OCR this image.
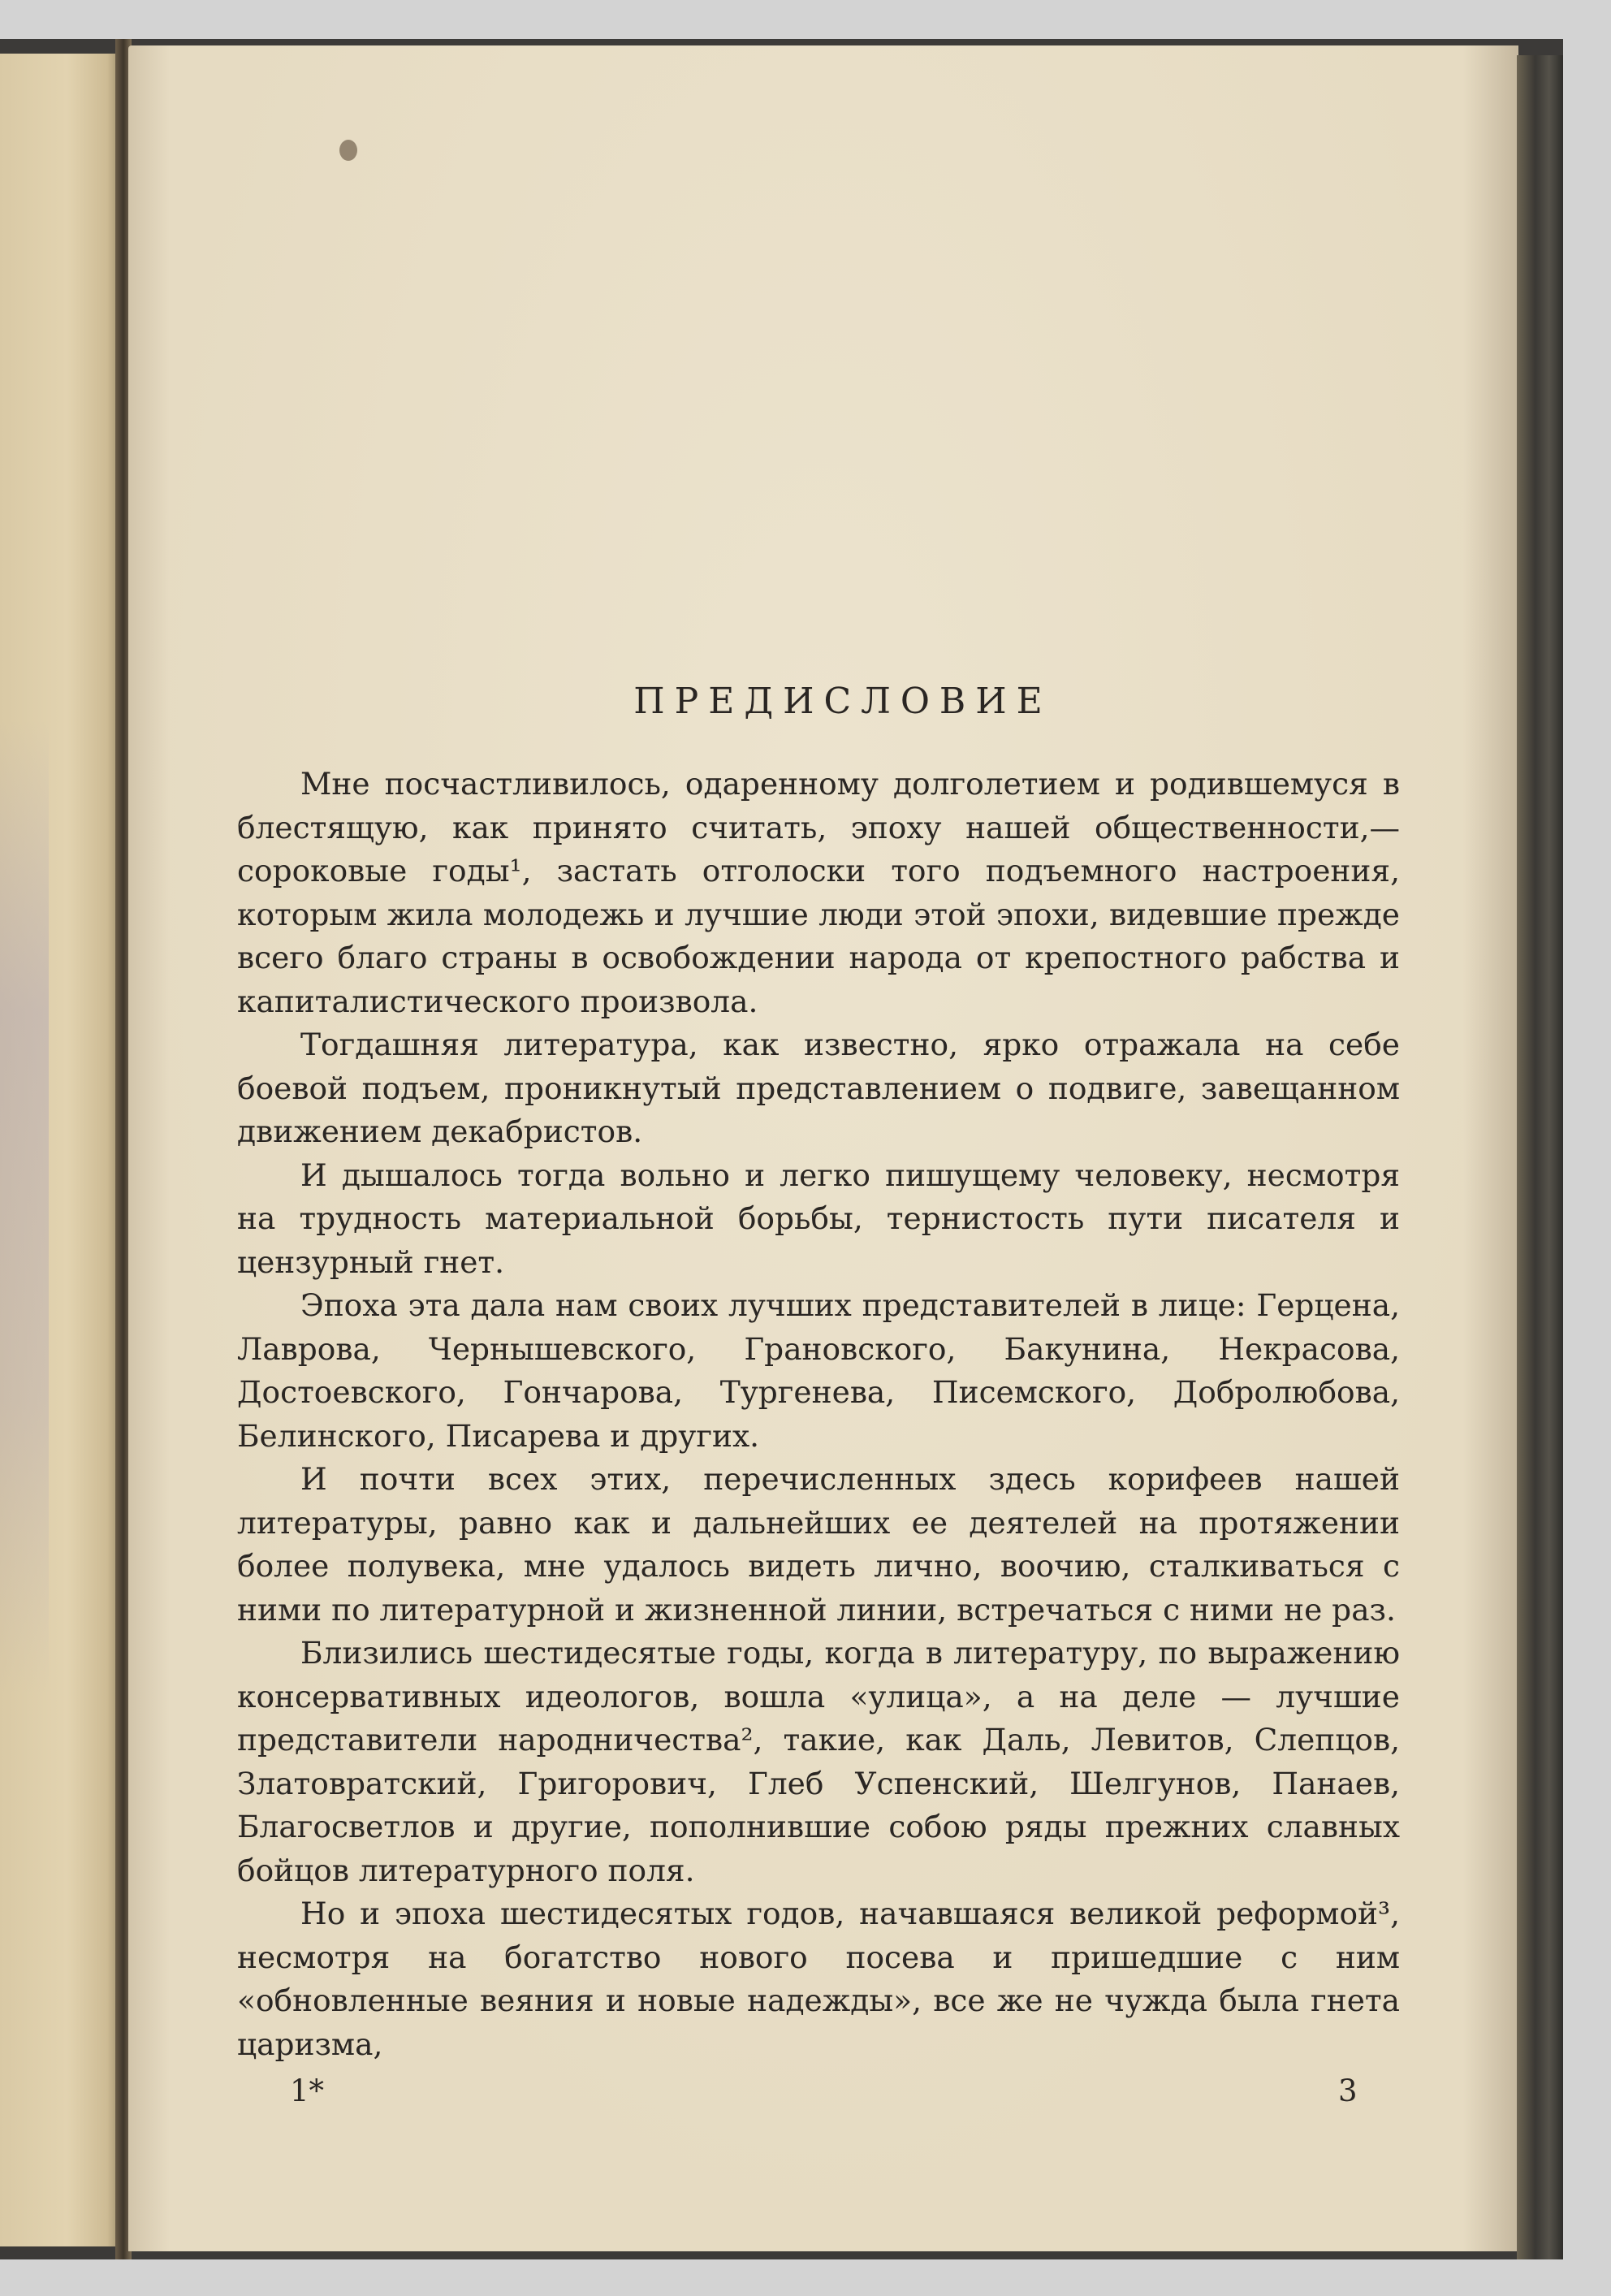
ПРЕДИСЛОВИЕ

Мне посчастливилось, одаренному долголетием и родившемуся в блестящую, как принято считать, эпоху нашей общественности,— сороковые годы¹, застать отголоски того подъемного настроения, которым жила молодежь и лучшие люди этой эпохи, видевшие прежде всего благо страны в освобождении народа от крепостного рабства и капиталистического произвола.

Тогдашняя литература, как известно, ярко отражала на себе боевой подъем, проникнутый представлением о подвиге, завещанном движением декабристов.

И дышалось тогда вольно и легко пишущему человеку, несмотря на трудность материальной борьбы, тернистость пути писателя и цензурный гнет.

Эпоха эта дала нам своих лучших представителей в лице: Герцена, Лаврова, Чернышевского, Грановского, Бакунина, Некрасова, Достоевского, Гончарова, Тургенева, Писемского, Добролюбова, Белинского, Писарева и других.

И почти всех этих, перечисленных здесь корифеев нашей литературы, равно как и дальнейших ее деятелей на протяжении более полувека, мне удалось видеть лично, воочию, сталкиваться с ними по литературной и жизненной линии, встречаться с ними не раз.

Близились шестидесятые годы, когда в литературу, по выражению консервативных идеологов, вошла «улица», а на деле — лучшие представители народничества², такие, как Даль, Левитов, Слепцов, Златовратский, Григорович, Глеб Успенский, Шелгунов, Панаев, Благосветлов и другие, пополнившие собою ряды прежних славных бойцов литературного поля.

Но и эпоха шестидесятых годов, начавшаяся великой реформой³, несмотря на богатство нового посева и пришедшие с ним «обновленные веяния и новые надежды», все же не чужда была гнета царизма,

1*	3
